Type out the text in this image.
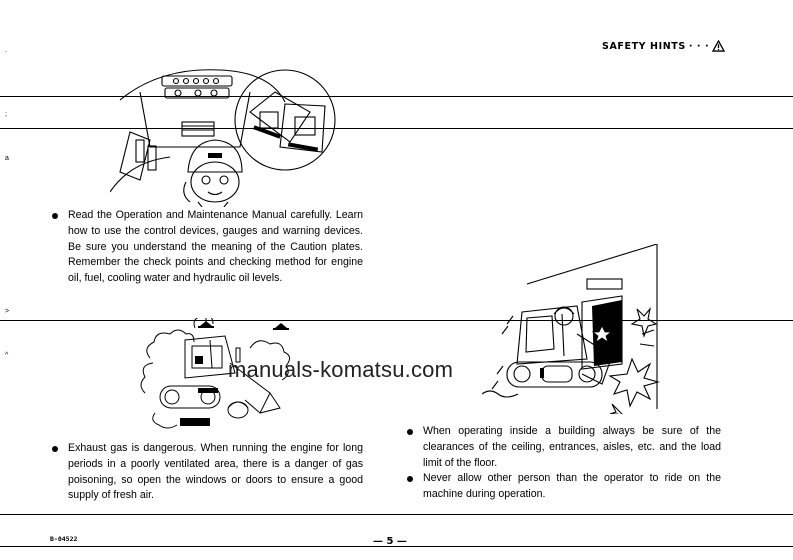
.
;
a
>
^
SAFETY HINTS · · ·
Read the Operation and Maintenance Manual carefully. Learn how to use the control devices, gauges and warning devices. Be sure you understand the meaning of the Caution plates. Remember the check points and checking method for engine oil, fuel, cooling water and hydraulic oil levels.
manuals-komatsu.com
Exhaust gas is dangerous. When running the engine for long periods in a poorly ventilated area, there is a danger of gas poisoning, so open the windows or doors to ensure a good supply of fresh air.
When operating inside a building always be sure of the clearances of the ceiling, entrances, aisles, etc. and the load limit of the floor.
Never allow other person than the operator to ride on the machine during operation.
B-04522	— 5 —
